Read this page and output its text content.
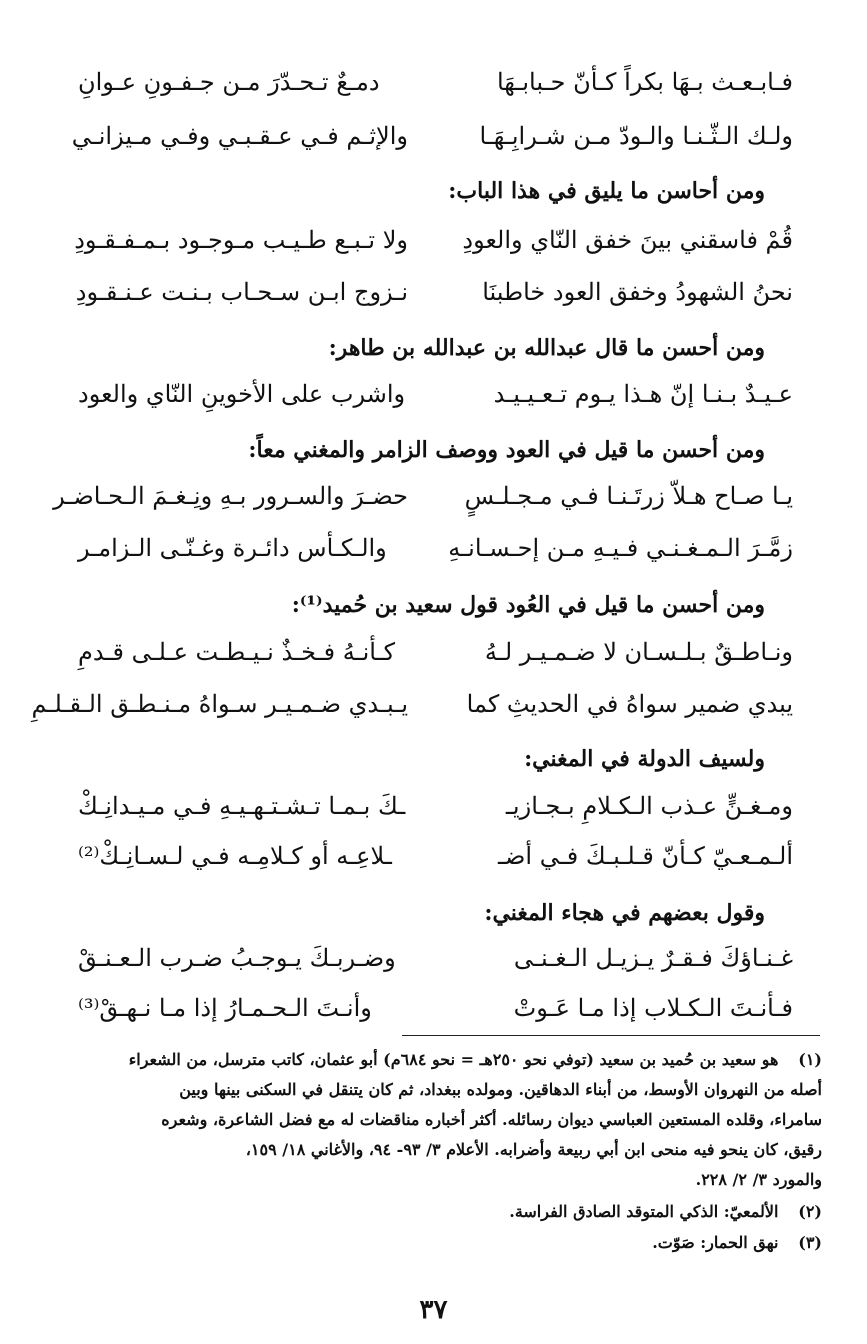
فـابـعـث بـهَا بكراً كـأنّ حـبابـهَا
دمـعٌ تـحـدّرَ مـن جـفـونِ عـوانِ
ولـك الـثّـنـا والـودّ مـن شـرابِـهَـا
والإثـم فـي عـقـبـي وفـي مـيزانـي
ومن أحاسن ما يليق في هذا الباب:
قُمْ فاسقني بينَ خفق النّاي والعودِ
ولا تـبـع طـيـب مـوجـود بـمـفـقـودِ
نحنُ الشهودُ وخفق العود خاطبنَا
نـزوج ابـن سـحـاب بـنـت عـنـقـودِ
ومن أحسن ما قال عبدالله بن عبدالله بن طاهر:
عـيـدٌ بـنـا إنّ هـذا يـوم تـعـيـيـد
واشرب على الأخوينِ النّاي والعود
ومن أحسن ما قيل في العود ووصف الزامر والمغني معاً:
يـا صـاح هـلاّ زرتَـنـا فـي مـجـلـسٍ
حضـرَ والسـرور بـهِ ونِـغـمَ الـحـاضـر
زمَّـرَ الـمـغـنـي فـيـهِ مـن إحـسـانـهِ
والـكـأس دائـرة وغـنّـى الـزامـر
ومن أحسن ما قيل في العُود قول سعيد بن حُميد⁽¹⁾:
ونـاطـقٌ بـلـسـان لا ضـمـيـر لـهُ
كـأنـهُ فـخـذٌ نـيـطـت عـلـى قـدمِ
يبدي ضمير سواهُ في الحديثِ كما
يـبـدي ضـمـيـر سـواهُ مـنـطـق الـقـلـمِ
ولسيف الدولة في المغني:
ومـغـنٍّ عـذب الـكـلامِ بـجـازيـ
ـكَ بـمـا تـشـتـهـيـهِ فـي مـيـدانِـكْ
ألـمـعـيّ كـأنّ قـلـبـكَ فـي أضـ
ـلاعِـه أو كـلامِـه فـي لـسـانِـكْ⁽²⁾
وقول بعضهم في هجاء المغني:
غـنـاؤكَ فـقـرٌ يـزيـل الـغـنـى
وضـربـكَ يـوجـبُ ضـرب الـعـنـقْ
فـأنـتَ الـكـلاب إذا مـا عَـوتْ
وأنـتَ الـحـمـارُ إذا مـا نـهـقْ⁽³⁾
(١) هو سعيد بن حُميد بن سعيد (توفي نحو ٢٥٠هـ = نحو ٦٨٤م) أبو عثمان، كاتب مترسل، من الشعراء
أصله من النهروان الأوسط، من أبناء الدهاقين. ومولده ببغداد، ثم كان يتنقل في السكنى بينها وبين
سامراء، وقلده المستعين العباسي ديوان رسائله. أكثر أخباره مناقضات له مع فضل الشاعرة، وشعره
رقيق، كان ينحو فيه منحى ابن أبي ربيعة وأضرابه. الأعلام ٣/ ٩٣- ٩٤، والأغاني ١٨/ ١٥٩،
والمورد ٣/ ٢/ ٢٢٨.
(٢) الألمعيّ: الذكي المتوقد الصادق الفراسة.
(٣) نهق الحمار: صَوّت.
٣٧
